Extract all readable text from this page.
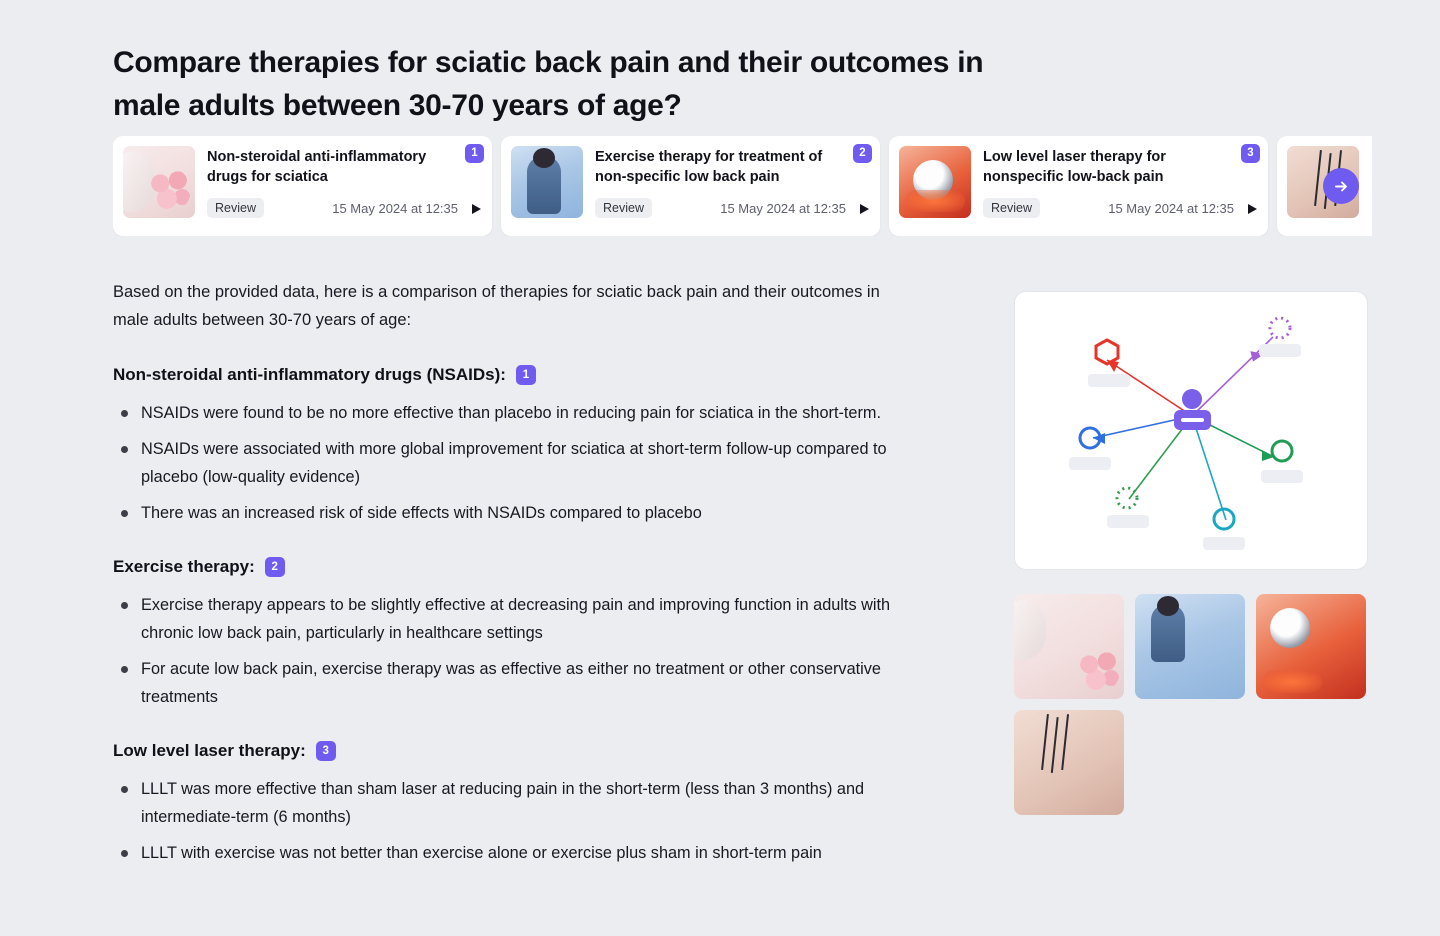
Compare therapies for sciatic back pain and their outcomes in male adults between 30-70 years of age?
Non-steroidal anti-inflammatory drugs for sciatica
Review	15 May 2024 at 12:35
1	Exercise therapy for treatment of non-specific low back pain
Review	15 May 2024 at 12:35
2	Low level laser therapy for nonspecific low-back pain
Review	15 May 2024 at 12:35
3

Based on the provided data, here is a comparison of therapies for sciatic back pain and their outcomes in male adults between 30-70 years of age:

Non-steroidal anti-inflammatory drugs (NSAIDs):	1
NSAIDs were found to be no more effective than placebo in reducing pain for sciatica in the short-term.
NSAIDs were associated with more global improvement for sciatica at short-term follow-up compared to placebo (low-quality evidence)
There was an increased risk of side effects with NSAIDs compared to placebo
Exercise therapy:	2
Exercise therapy appears to be slightly effective at decreasing pain and improving function in adults with chronic low back pain, particularly in healthcare settings
For acute low back pain, exercise therapy was as effective as either no treatment or other conservative treatments
Low level laser therapy:	3
LLLT was more effective than sham laser at reducing pain in the short-term (less than 3 months) and intermediate-term (6 months)
LLLT with exercise was not better than exercise alone or exercise plus sham in short-term pain
